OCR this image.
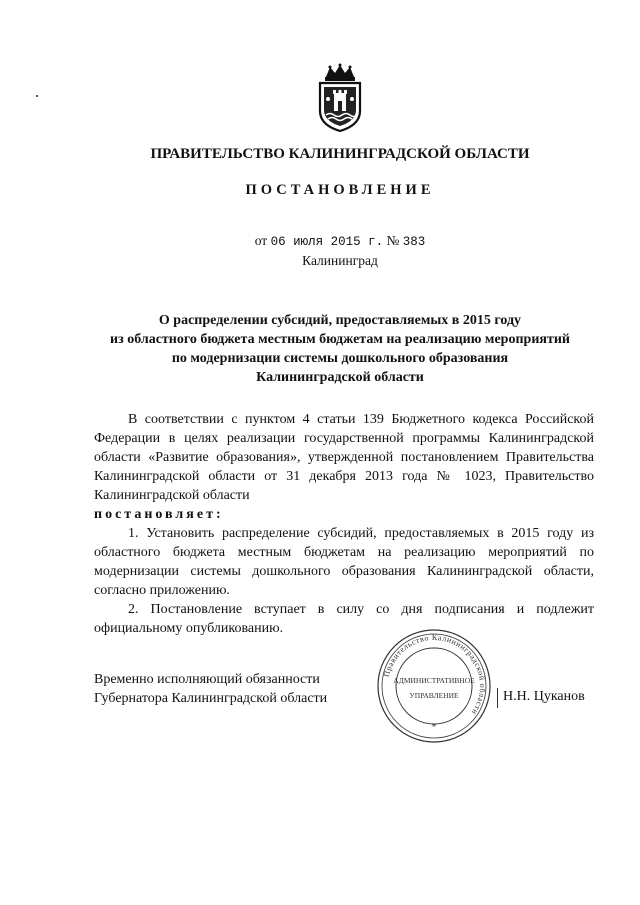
ПРАВИТЕЛЬСТВО КАЛИНИНГРАДСКОЙ ОБЛАСТИ
ПОСТАНОВЛЕНИЕ
от 06 июля 2015 г. № 383
Калининград
О распределении субсидий, предоставляемых в 2015 году
из областного бюджета местным бюджетам на реализацию мероприятий
по модернизации системы дошкольного образования
Калининградской области

В соответствии с пунктом 4 статьи 139 Бюджетного кодекса Российской Федерации в целях реализации государственной программы Калининградской области «Развитие образования», утвержденной постановлением Правительства Калининградской области от 31 декабря 2013 года № 1023, Правительство Калининградской области

постановляет:

1. Установить распределение субсидий, предоставляемых в 2015 году из областного бюджета местным бюджетам на реализацию мероприятий по модернизации системы дошкольного образования Калининградской области, согласно приложению.

2. Постановление вступает в силу со дня подписания и подлежит официальному опубликованию.

Временно исполняющий обязанности
Губернатора Калининградской области
Правительство Калининградской области
АДМИНИСТРАТИВНОЕ
УПРАВЛЕНИЕ
*
Н.Н. Цуканов
